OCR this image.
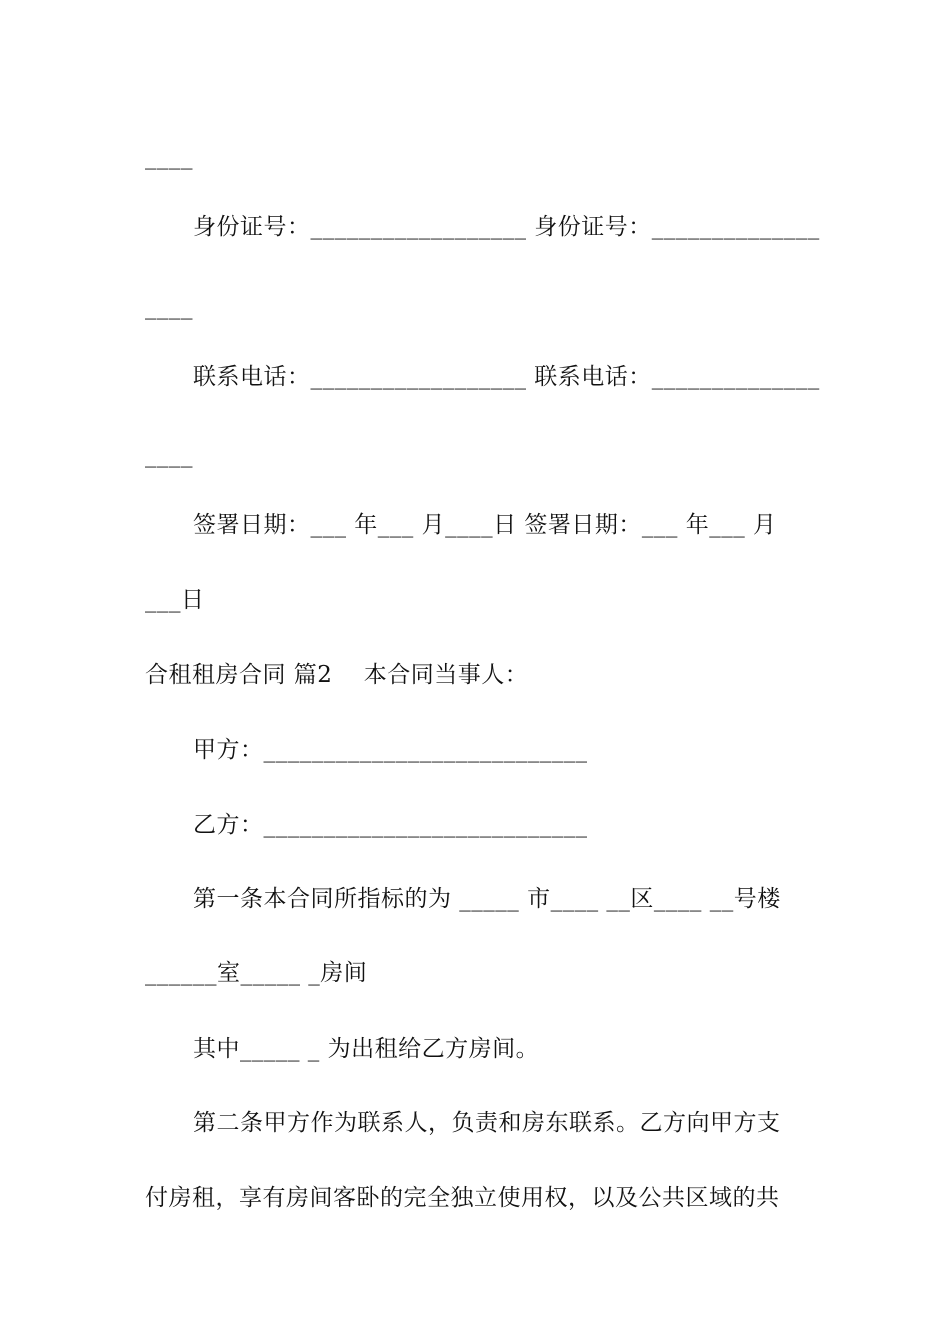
____
身份证号：__________________ 身份证号：______________
____
联系电话：__________________ 联系电话：______________
____
签署日期：___ 年___ 月____日 签署日期：___ 年___ 月
___日
合租租房合同 篇2    本合同当事人：
甲方：___________________________
乙方：___________________________
第一条本合同所指标的为 _____ 市____ __区____ __号楼
______室_____ _房间
其中_____ _ 为出租给乙方房间。
第二条甲方作为联系人，负责和房东联系。乙方向甲方支
付房租，享有房间客卧的完全独立使用权，以及公共区域的共
